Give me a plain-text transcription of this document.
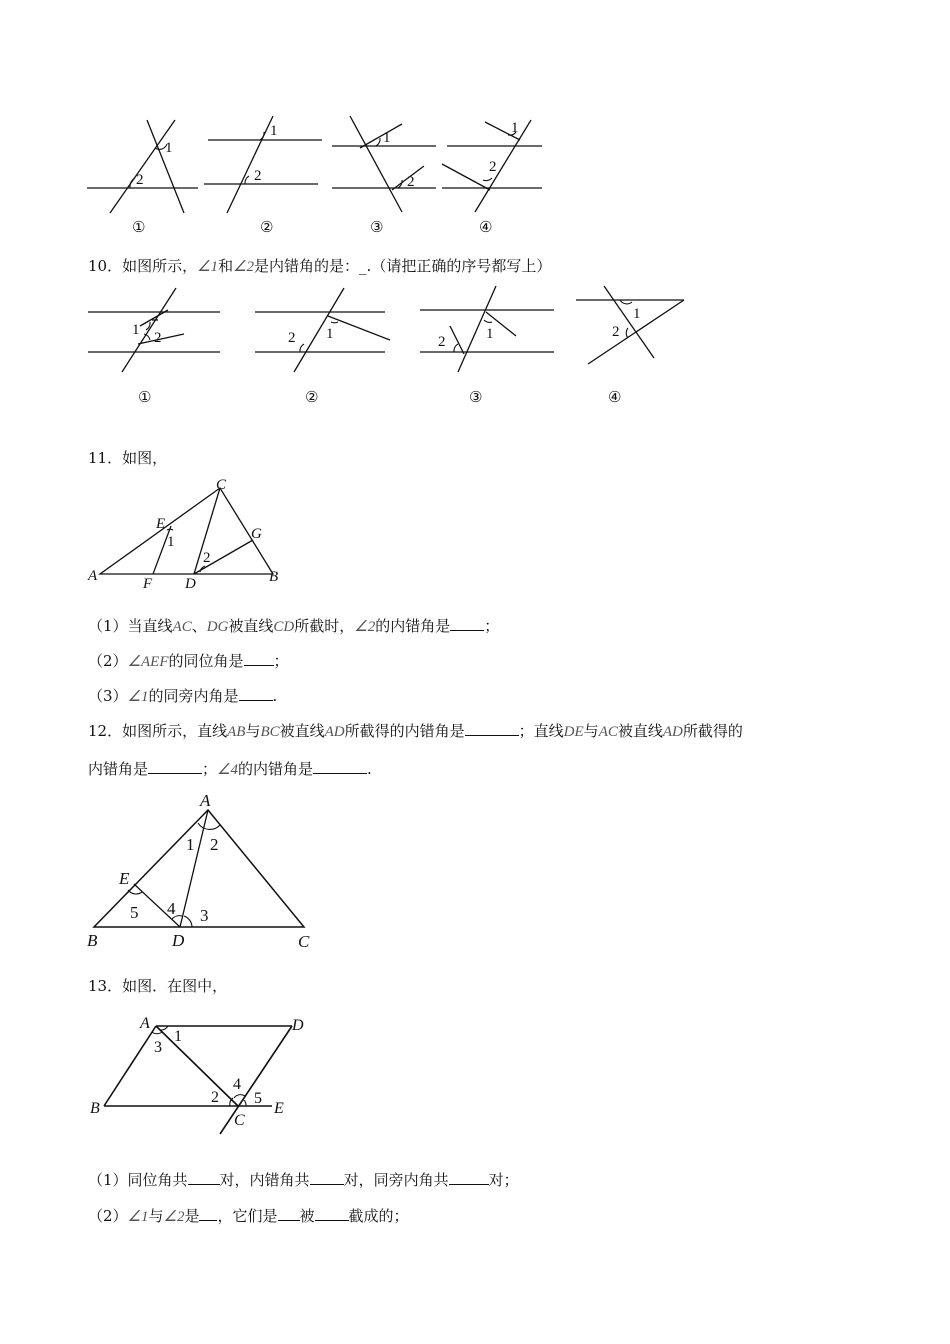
1
2
①
1
2
②
1
2
③
1
2
④
10．如图所示，∠1和∠2是内错角的是：_.（请把正确的序号都写上）
1 2
①
1
2
②
1
2
③
1
2
④
11．如图，
A	B
C
D
E
F
G
1
2
（1）当直线AC、DG被直线CD所截时，∠2的内错角是 ；
（2）∠AEF的同位角是 ；
（3）∠1的同旁内角是 .
12．如图所示，直线AB与BC被直线AD所截得的内错角是	；直线DE与AC被直线AD所截得的
内错角是	；∠4的内错角是	.
A
B	C
D
E
1 2
3
4
5
13．如图．在图中，
A
B
C
D
E
1
2
3
4
5
（1）同位角共 对，内错角共 对，同旁内角共	对；
（2）∠1与∠2是 ，它们是 被 截成的；
